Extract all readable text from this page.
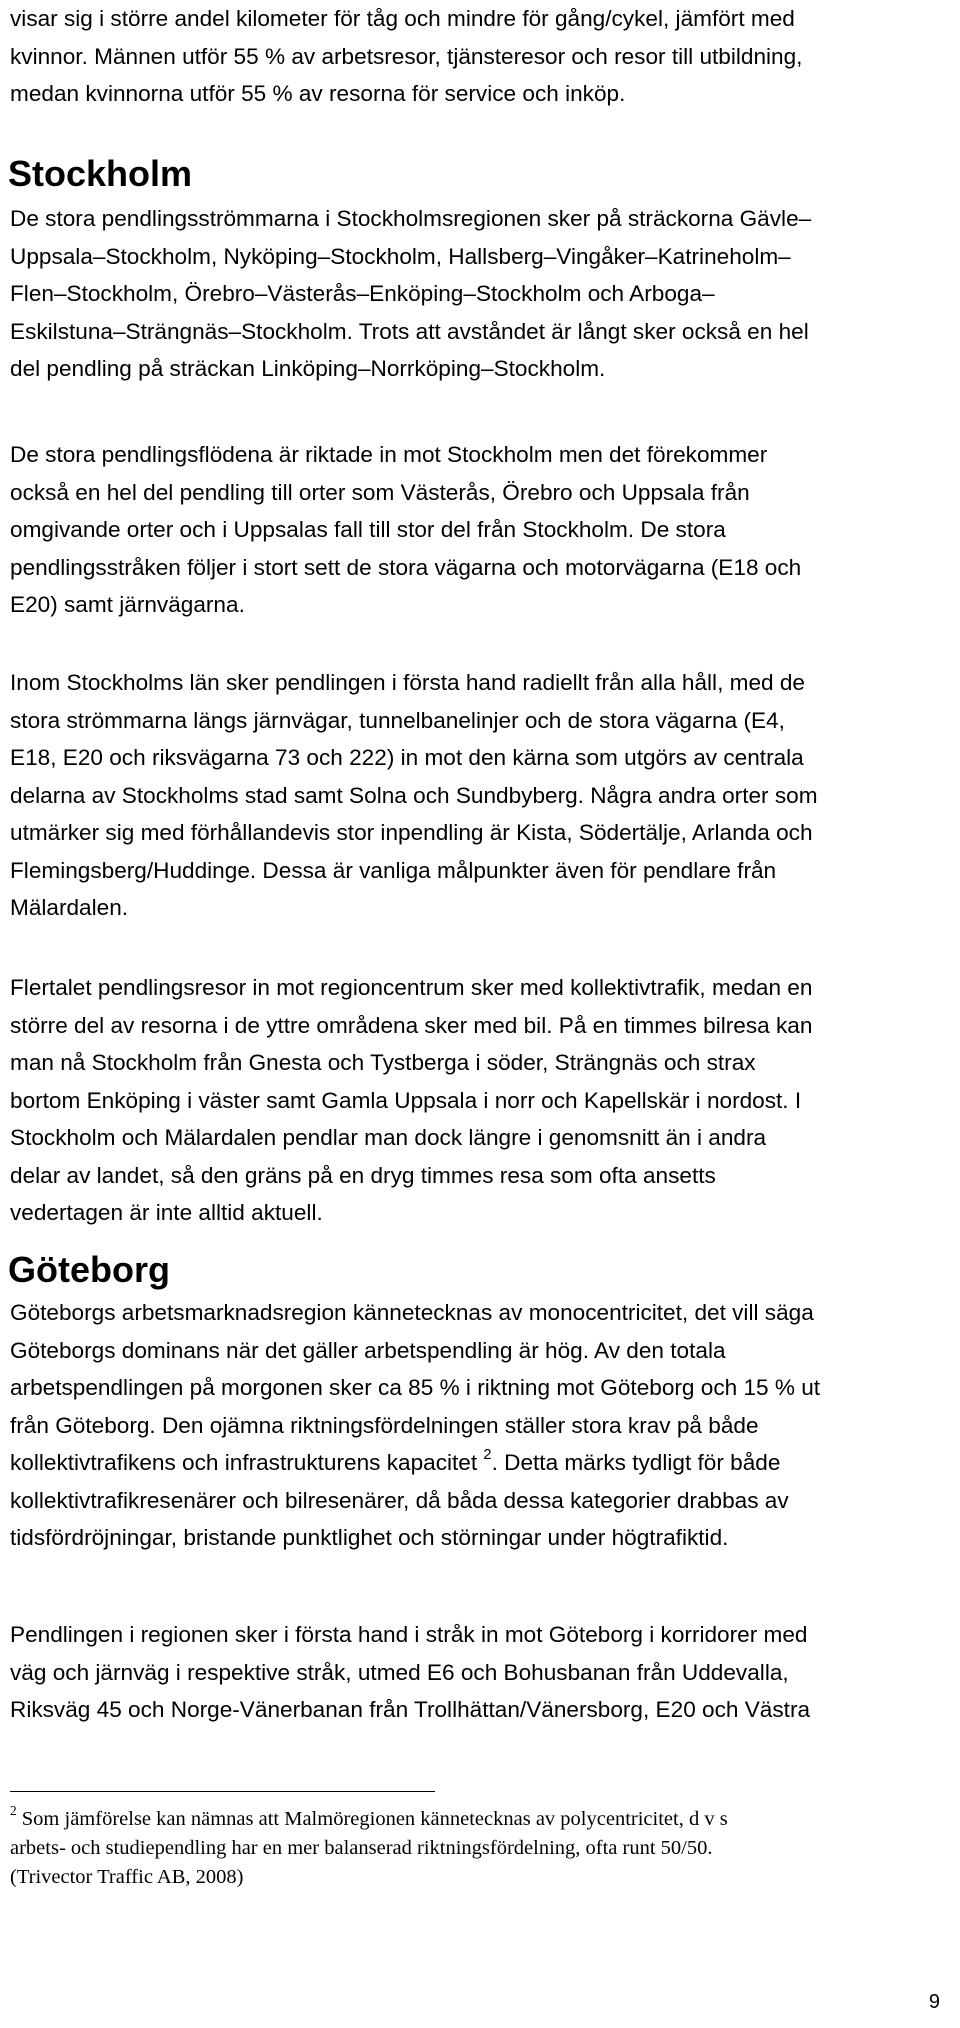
visar sig i större andel kilometer för tåg och mindre för gång/cykel, jämfört med
kvinnor. Männen utför 55 % av arbetsresor, tjänsteresor och resor till utbildning,
medan kvinnorna utför 55 % av resorna för service och inköp.
Stockholm
De stora pendlingsströmmarna i Stockholmsregionen sker på sträckorna Gävle–
Uppsala–Stockholm, Nyköping–Stockholm, Hallsberg–Vingåker–Katrineholm–
Flen–Stockholm, Örebro–Västerås–Enköping–Stockholm och Arboga–
Eskilstuna–Strängnäs–Stockholm. Trots att avståndet är långt sker också en hel
del pendling på sträckan Linköping–Norrköping–Stockholm.
De stora pendlingsflödena är riktade in mot Stockholm men det förekommer
också en hel del pendling till orter som Västerås, Örebro och Uppsala från
omgivande orter och i Uppsalas fall till stor del från Stockholm. De stora
pendlingsstråken följer i stort sett de stora vägarna och motorvägarna (E18 och
E20) samt järnvägarna.
Inom Stockholms län sker pendlingen i första hand radiellt från alla håll, med de
stora strömmarna längs järnvägar, tunnelbanelinjer och de stora vägarna (E4,
E18, E20 och riksvägarna 73 och 222) in mot den kärna som utgörs av centrala
delarna av Stockholms stad samt Solna och Sundbyberg. Några andra orter som
utmärker sig med förhållandevis stor inpendling är Kista, Södertälje, Arlanda och
Flemingsberg/Huddinge. Dessa är vanliga målpunkter även för pendlare från
Mälardalen.
Flertalet pendlingsresor in mot regioncentrum sker med kollektivtrafik, medan en
större del av resorna i de yttre områdena sker med bil. På en timmes bilresa kan
man nå Stockholm från Gnesta och Tystberga i söder, Strängnäs och strax
bortom Enköping i väster samt Gamla Uppsala i norr och Kapellskär i nordost. I
Stockholm och Mälardalen pendlar man dock längre i genomsnitt än i andra
delar av landet, så den gräns på en dryg timmes resa som ofta ansetts
vedertagen är inte alltid aktuell.
Göteborg
Göteborgs arbetsmarknadsregion kännetecknas av monocentricitet, det vill säga
Göteborgs dominans när det gäller arbetspendling är hög. Av den totala
arbetspendlingen på morgonen sker ca 85 % i riktning mot Göteborg och 15 % ut
från Göteborg. Den ojämna riktningsfördelningen ställer stora krav på både
kollektivtrafikens och infrastrukturens kapacitet $^2$. Detta märks tydligt för både
kollektivtrafikresenärer och bilresenärer, då båda dessa kategorier drabbas av
tidsfördröjningar, bristande punktlighet och störningar under högtrafiktid.
Pendlingen i regionen sker i första hand i stråk in mot Göteborg i korridorer med
väg och järnväg i respektive stråk, utmed E6 och Bohusbanan från Uddevalla,
Riksväg 45 och Norge-Vänerbanan från Trollhättan/Vänersborg, E20 och Västra
$^2$ Som jämförelse kan nämnas att Malmöregionen kännetecknas av polycentricitet, d v s
arbets- och studiependling har en mer balanserad riktningsfördelning, ofta runt 50/50.
(Trivector Traffic AB, 2008)
9
